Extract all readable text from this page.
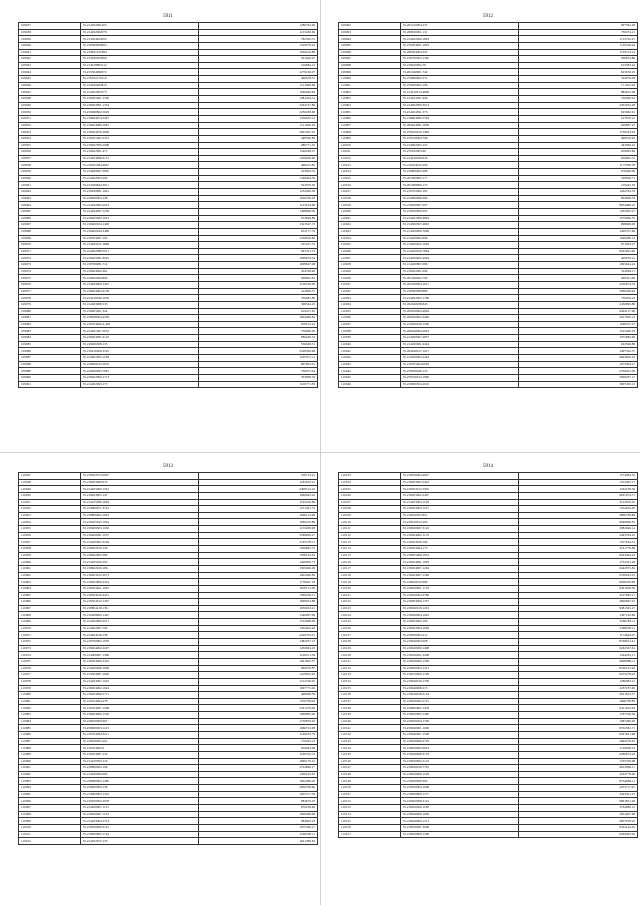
5911
109937	35.214202061265	1280762.09
109938	35.214292062078	1213430.69
109939	35.214304924593	782562.31
109940	35.218569820993	1329079.24
109941	35.218841251884	1939416.88
109942	35.214930025899	591646.07
109943	35.214918805212	316684.21
109944	35.215504996572	1279166.07
109945	35.218102176110	496678.31
109946	35.214920495819	1513499.68
109947	35.214202905373	1940049.84
109948	35.218495061.1740	1481204.51
109949	35.218493091.1334	2264727.86
109950	35.218480862.5629	2230438.68
109951	35.218494074.5497	1356032.12
109952	35.218404080.1981	1511009.29
109953	35.218404076.2609	2901497.35
109954	35.218101062.2331	448596.85
109955	35.218497906.2998	286771.35
109956	35.218202001.473	1546248.15
109957	35.214204998.3151	1200950.66
109958	35.218101084.4047	406415.85
109959	35.214469007.3905	433604.33
109960	35.214202904.204	1346404.39
109961	35.214509644.3911	523670.76
109962	35.218499081.1041	1234390.38
109963	35.218490003.138	1630536.43
109964	35.214292063.2023	1123194.68
109965	35.214494097.1239	1498846.09
109966	35.218405062.1813	913649.89
109967	35.218400104.1406	1323347.73
109968	35.218400044.3489	655177.79
109969	35.218704007.102	1330816.82
109970	35.214495011.3688	525227.53
109971	35.214402086.5911	843791.75
109972	35.218405081.8961	1690679.54
109973	35.218706081.714	1008627.08
109974	35.218404062.361	454768.46
109975	35.218400094.804	998995.81
109976	35.214493009.1407	1158749.99
109977	35.218404063.4139	412999.37
109978	35.214410036.1039	336487.86
109979	35.214403008.533	568544.25
109980	35.218405001.324	919417.65
109981	35.218298304.4359	1004499.84
109982	35.218104060.4.428	978152.24
109983	35.214401007.2652	739960.26
109984	35.218404081.6110	686448.53
109985	35.218406308.135	556048.51
109986	35.218410006.3525	2528399.68
109987	35.214907005.1188	1207971.11
109988	35.218400012.5670	897603.91
109989	35.218406093.7081	766073.44
109990	35.218402900.2713	303998.76
109991	35.214202093.173	1100771.83
5912
109992	35.261010004.237	997592.28
109993	35.268020001.131	730474.21
109994	35.214202006.1893	1712792.21
109995	35.276204901.1803	1110536.44
109996	35.268304004.347	1719574.14
109997	35.218700302.1340	936854.86
109998	35.218420002.78	103383.44
109999	35.261040061.740	625676.19
110000	35.279600902.272	324976.05
110001	35.276400002.106	171022.02
110002	35.214010014.4699	884915.08
110003	35.214024301.996	530499.61
110004	35.214002009.3014	2452932.28
110005	35.214204391.373	625962.61
110006	35.218004006.2593	107676.12
110007	35.284204001.1659	626867.27
110008	35.276020010.1499	1736543.93
110009	35.276520004.768	490916.02
110010	35.214002005.253	443069.22
110011	35.279182003.96	659095.69
110012	35.214010026.626	659905.31
110013	35.210104012.209	1175560.78
110014	35.216800405.498	676046.00
110015	35.261060002.177	320926.71
110016	35.261068060.170	219445.76
110017	35.218702002.193	1262534.76
110018	35.214060068.380	804998.53
110019	35.218200607.297	8654480.22
110020	35.218200009.205	1435005.27
110021	35.214201008.4893	1079966.55
110022	35.214300507.4803	998609.99
110023	35.214200009.7060	1409707.66
110024	35.214200902.699	1949280.13
110025	35.214200202.1094	871963.27
110026	35.214200020.7864	9045091.00
110027	35.214200402.4904	409970.21
110028	35.214206807.086	1095624.24
110029	35.218202401.096	561894.11
110030	35.201040002.790	460501.06
110031	35.261020004.1617	2250674.33
110032	35.218500009.880	2060306.94
110033	35.214202002.1780	730076.23
110034	35.262040038.843	2436893.86
110035	35.200020002.4804	9404137.96
110036	35.200020002.3400	2617920.13
110037	35.210200018.1590	1048537.27
110038	35.200040904.2043	1525460.19
110039	35.214200007.4837	1972982.06
110040	35.214200001.9424	922596.88
110041	35.264040017.1617	1497592.37
110042	35.214200003.2444	9004920.16
110043	35.218705004.0003	1075004.17
110044	35.276020040.123	2709491.09
110045	35.276520014.1990	2099297.17
110046	35.218000504.2010	3007200.12
5913
110047	35.218202072.0097	558714.21
110048	35.218203006.972	1182619.21
110049	35.214205009.1561	2406514.16
110050	35.218203005.147	1060945.24
110051	35.214105080.1694	1192459.89
110052	35.214900071.3761	1271061.51
110053	35.218800002.1043	1940112.08
110054	35.218205043.1044	1060419.89
110055	35.218409303.1030	1155209.08
110056	35.218400091.1037	3588909.27
110057	35.214200002.3549	2167278.11
110058	35.218402010.139	1059842.72
110059	35.218402005.384	1508143.32
110060	35.214205020.502	1400856.73
110061	35.218402029.186	1505049.09
110062	35.218403012.2073	1002460.82
110063	35.218402800.2474	1778447.18
110064	35.218304201.1045	1678131.09
110065	35.218504016.4431	1390239.71
110066	35.218504012.1497	1609023.88
110067	35.218804218.136	1639023.21
110068	35.210008900.1467	1346007.99
110069	35.214202900.3971	1702968.09
110070	35.214602007.104	1302904.28
110071	35.214404018.138	2226704.21
110072	35.218700002.1639	1482037.13
110073	35.218404002.2297	1459904.23
110074	35.214009007.1366	1106471.39
110075	35.218304009.3432	1091802.37
110076	35.214209098.1006	840676.87
110077	35.214304007.1640	1418932.02
110078	35.214204007.1022	1212746.05
110079	35.218204002.1924	1007775.02
110080	35.218204090.5711	498408.39
110081	35.218104094.478	1376799.02
110082	35.210104007.1508	2321479.09
110083	35.218404009.1520	1096895.06
110084	35.218020009.967	1750879.02
110085	35.218000003.1123	1066712.08
110086	35.218704094.2211	1149233.79
110087	35.218020903.201	710204.13
110088	35.210104002.0	959043.08
110089	35.218204007.139	1190702.72
110090	35.214100093.219	1099176.22
110091	35.218800002.196	2724896.17
110092	35.214020009.983	1456102.61
110093	35.218000003.1485	1002286.05
110094	35.218400009.138	2050758.60
110095	35.214000003.1319	1005377.78
110096	35.218200002.2678	984679.18
110097	35.214200007.1123	876238.69
110098	35.218200007.1132	1906498.08
110099	35.214203004.3374	984693.23
110100	35.218200009.3101	1075349.17
110101	35.218400002.1744	1520938.11
110102	35.214202072.133	1621389.84
5914
110103	35.218020004.4827	1574984.52
110104	35.218203002.2422	1553465.17
110105	35.218203012.5935	1562108.36
110106	35.218203002.2407	9637074.71
110107	35.214203004.1128	3122976.25
110108	35.218203002.1127	1552954.20
110109	35.218020203.801	4806789.89
110110	35.218010912.204	9948098.81
110111	35.218020007.3116	2082946.14
110112	35.218204002.1176	2493784.22
110113	35.218204028.166	1557624.51
110114	35.218204094.173	3141778.89
110115	35.218205008.1933	6643464.22
110116	35.218204091.1903	1754341.28
110117	35.218204007.1202	6442875.82
110118	35.218204007.1348	6766943.01
110119	35.218020012.686	9938350.99
110120	35.218020001.1719	6491838.50
110121	35.218200004.3789	2107063.17
110122	35.218004009.1747	4600667.91
110123	35.218040018.1201	9381345.27
110124	35.218200004.1945	1397192.89
110125	35.218203002.109	3260283.11
110126	35.218202004.1028	2369938.11
110127	35.218200003.412	1174644.07
110128	35.218040003.008	8748912.41
110129	35.218020009.1498	6262567.61
110130	35.218100201.3208	1324281.11
110131	35.218020000.1300	9809889.11
110132	35.218200003.1313	8526161.93
110133	35.218010000.1799	8255278.23
110134	35.218040010.1790	1280083.21
110135	35.218040008.213	2237187.65
110136	35.218010018.3154	2811813.57
110137	35.218020002.2715	1806768.85
110138	35.218400002.1478	9411922.04
110139	35.218020002.1490	1767536.56
110140	35.218200204.1700	1087466.46
110141	35.218040001.1006	8702581.71
110142	35.218040007.1508	8291841.68
110143	35.218020009.3729	2894570.61
110144	35.218020002.0023	2118269.19
110145	35.218040008.3133	6286674.18
110146	35.218020002.2123	1705339.08
110147	35.218020010.7781	9812869.11
110148	35.218020008.1198	3224778.06
110149	35.218200009.300	8554884.11
110150	35.218200004.1098	4473717.07
110151	35.218200009.1577	3423501.27
110152	35.218400008.3191	9891851.26
110153	35.218020009.1180	3764980.12
110154	35.218040008.1006	3951607.68
110155	35.218040009.1213	4857918.25
110156	35.218030001.3008	9301142.05
110157	35.218020009.1308	6049093.02
